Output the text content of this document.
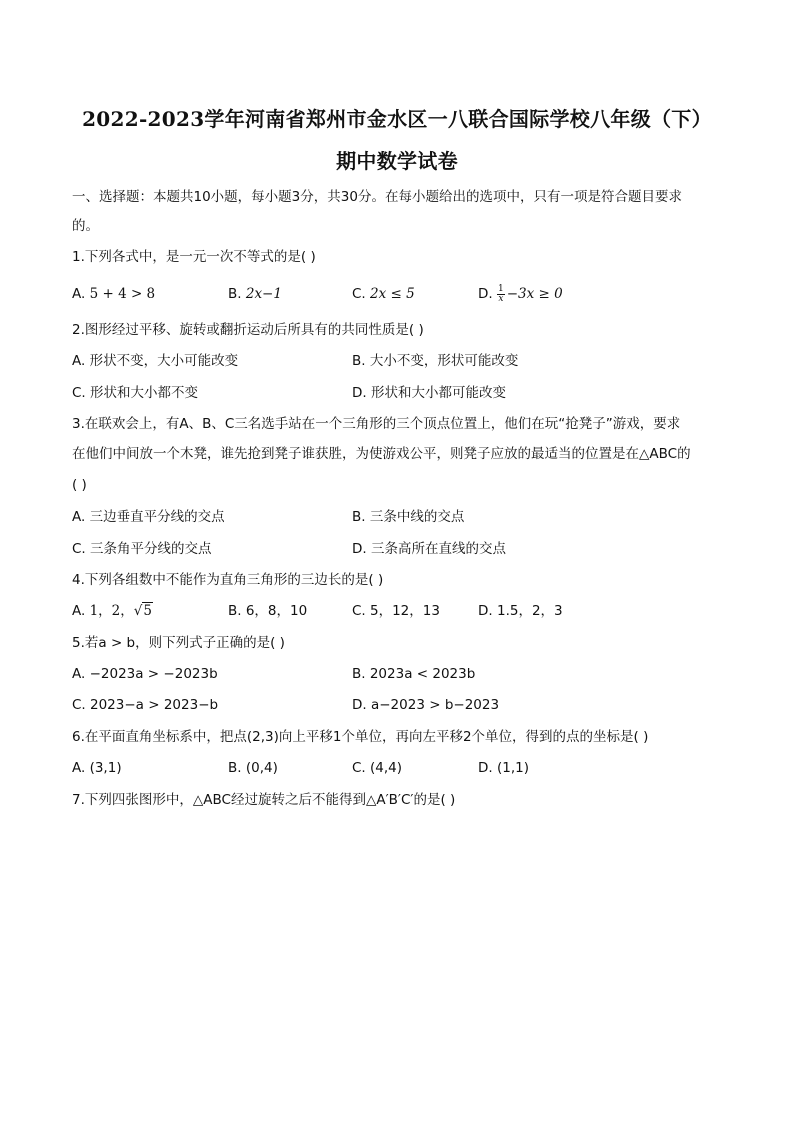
2022-2023学年河南省郑州市金水区一八联合国际学校八年级（下）
期中数学试卷
一、选择题：本题共10小题，每小题3分，共30分。在每小题给出的选项中，只有一项是符合题目要求
的。
1.下列各式中，是一元一次不等式的是( )
A. 5 + 4 > 8	B. 2x−1	C. 2x ≤ 5	D. $\frac{1}{x} -3x \ge 0$
2.图形经过平移、旋转或翻折运动后所具有的共同性质是( )
A. 形状不变，大小可能改变	B. 大小不变，形状可能改变
C. 形状和大小都不变	D. 形状和大小都可能改变
3.在联欢会上，有A、B、C三名选手站在一个三角形的三个顶点位置上，他们在玩“抢凳子”游戏，要求
在他们中间放一个木凳，谁先抢到凳子谁获胜，为使游戏公平，则凳子应放的最适当的位置是在△ABC的
( )
A. 三边垂直平分线的交点	B. 三条中线的交点
C. 三条角平分线的交点	D. 三条高所在直线的交点
4.下列各组数中不能作为直角三角形的三边长的是( )
A. 1，2，√5	B. 6，8，10	C. 5，12，13	D. 1.5，2，3
5.若a > b，则下列式子正确的是( )
A. −2023a > −2023b	B. 2023a < 2023b
C. 2023−a > 2023−b	D. a−2023 > b−2023
6.在平面直角坐标系中，把点(2,3)向上平移1个单位，再向左平移2个单位，得到的点的坐标是( )
A. (3,1)	B. (0,4)	C. (4,4)	D. (1,1)
7.下列四张图形中，△ABC经过旋转之后不能得到△A′B′C′的是( )
